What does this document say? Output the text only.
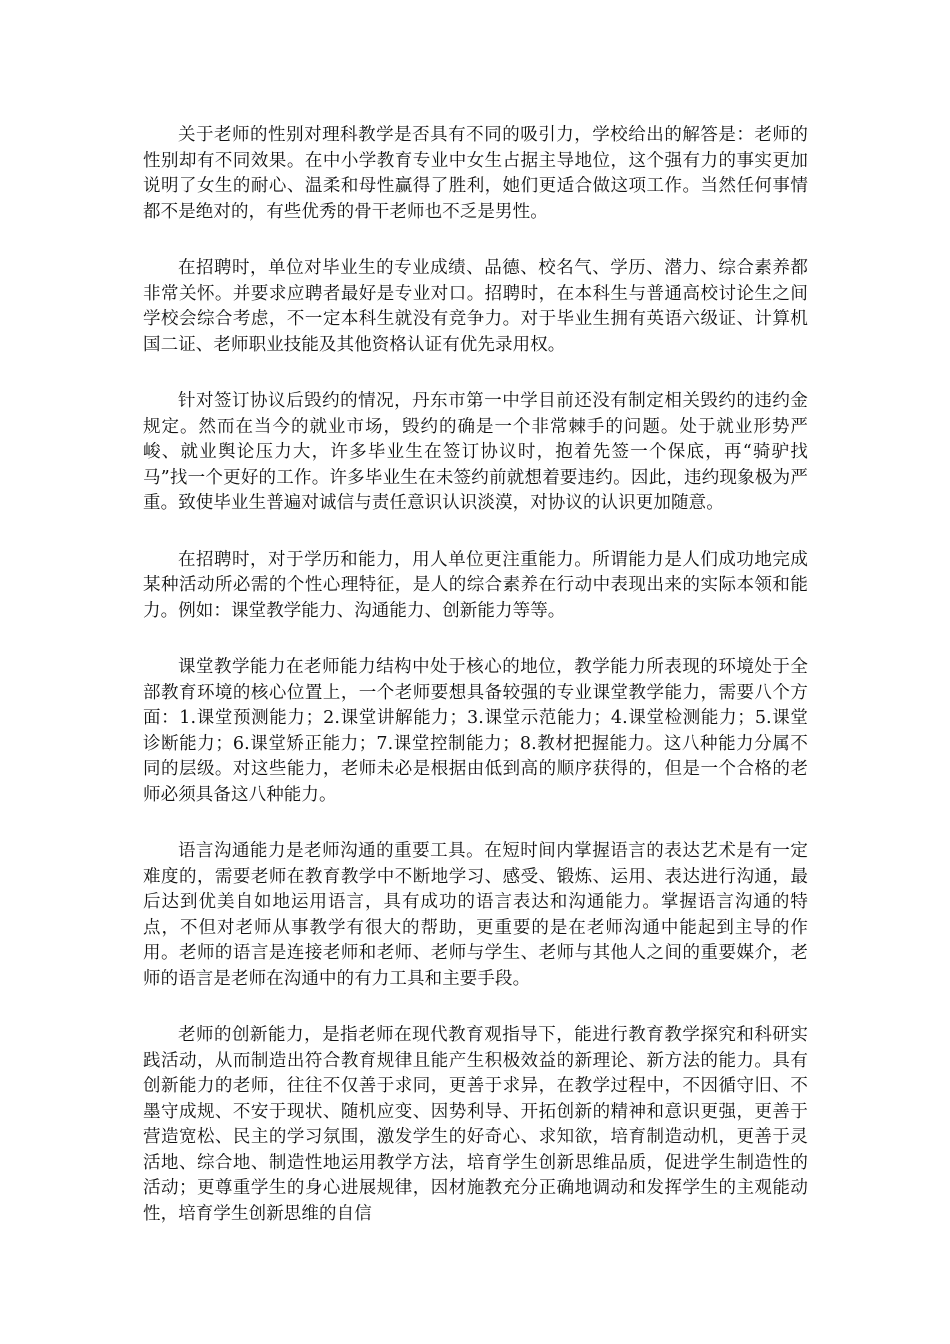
关于老师的性别对理科教学是否具有不同的吸引力，学校给出的解答是：老师的性别却有不同效果。在中小学教育专业中女生占据主导地位，这个强有力的事实更加说明了女生的耐心、温柔和母性赢得了胜利，她们更适合做这项工作。当然任何事情都不是绝对的，有些优秀的骨干老师也不乏是男性。

在招聘时，单位对毕业生的专业成绩、品德、校名气、学历、潜力、综合素养都非常关怀。并要求应聘者最好是专业对口。招聘时，在本科生与普通高校讨论生之间学校会综合考虑，不一定本科生就没有竞争力。对于毕业生拥有英语六级证、计算机国二证、老师职业技能及其他资格认证有优先录用权。

针对签订协议后毁约的情况，丹东市第一中学目前还没有制定相关毁约的违约金规定。然而在当今的就业市场，毁约的确是一个非常棘手的问题。处于就业形势严峻、就业舆论压力大，许多毕业生在签订协议时，抱着先签一个保底，再“骑驴找马”找一个更好的工作。许多毕业生在未签约前就想着要违约。因此，违约现象极为严重。致使毕业生普遍对诚信与责任意识认识淡漠，对协议的认识更加随意。

在招聘时，对于学历和能力，用人单位更注重能力。所谓能力是人们成功地完成某种活动所必需的个性心理特征，是人的综合素养在行动中表现出来的实际本领和能力。例如：课堂教学能力、沟通能力、创新能力等等。

课堂教学能力在老师能力结构中处于核心的地位，教学能力所表现的环境处于全部教育环境的核心位置上，一个老师要想具备较强的专业课堂教学能力，需要八个方面：1.课堂预测能力；2.课堂讲解能力；3.课堂示范能力；4.课堂检测能力；5.课堂诊断能力；6.课堂矫正能力；7.课堂控制能力；8.教材把握能力。这八种能力分属不同的层级。对这些能力，老师未必是根据由低到高的顺序获得的，但是一个合格的老师必须具备这八种能力。

语言沟通能力是老师沟通的重要工具。在短时间内掌握语言的表达艺术是有一定难度的，需要老师在教育教学中不断地学习、感受、锻炼、运用、表达进行沟通，最后达到优美自如地运用语言，具有成功的语言表达和沟通能力。掌握语言沟通的特点，不但对老师从事教学有很大的帮助，更重要的是在老师沟通中能起到主导的作用。老师的语言是连接老师和老师、老师与学生、老师与其他人之间的重要媒介，老师的语言是老师在沟通中的有力工具和主要手段。

老师的创新能力，是指老师在现代教育观指导下，能进行教育教学探究和科研实践活动，从而制造出符合教育规律且能产生积极效益的新理论、新方法的能力。具有创新能力的老师，往往不仅善于求同，更善于求异，在教学过程中，不因循守旧、不墨守成规、不安于现状、随机应变、因势利导、开拓创新的精神和意识更强，更善于营造宽松、民主的学习氛围，激发学生的好奇心、求知欲，培育制造动机，更善于灵活地、综合地、制造性地运用教学方法，培育学生创新思维品质，促进学生制造性的活动；更尊重学生的身心进展规律，因材施教充分正确地调动和发挥学生的主观能动性，培育学生创新思维的自信
